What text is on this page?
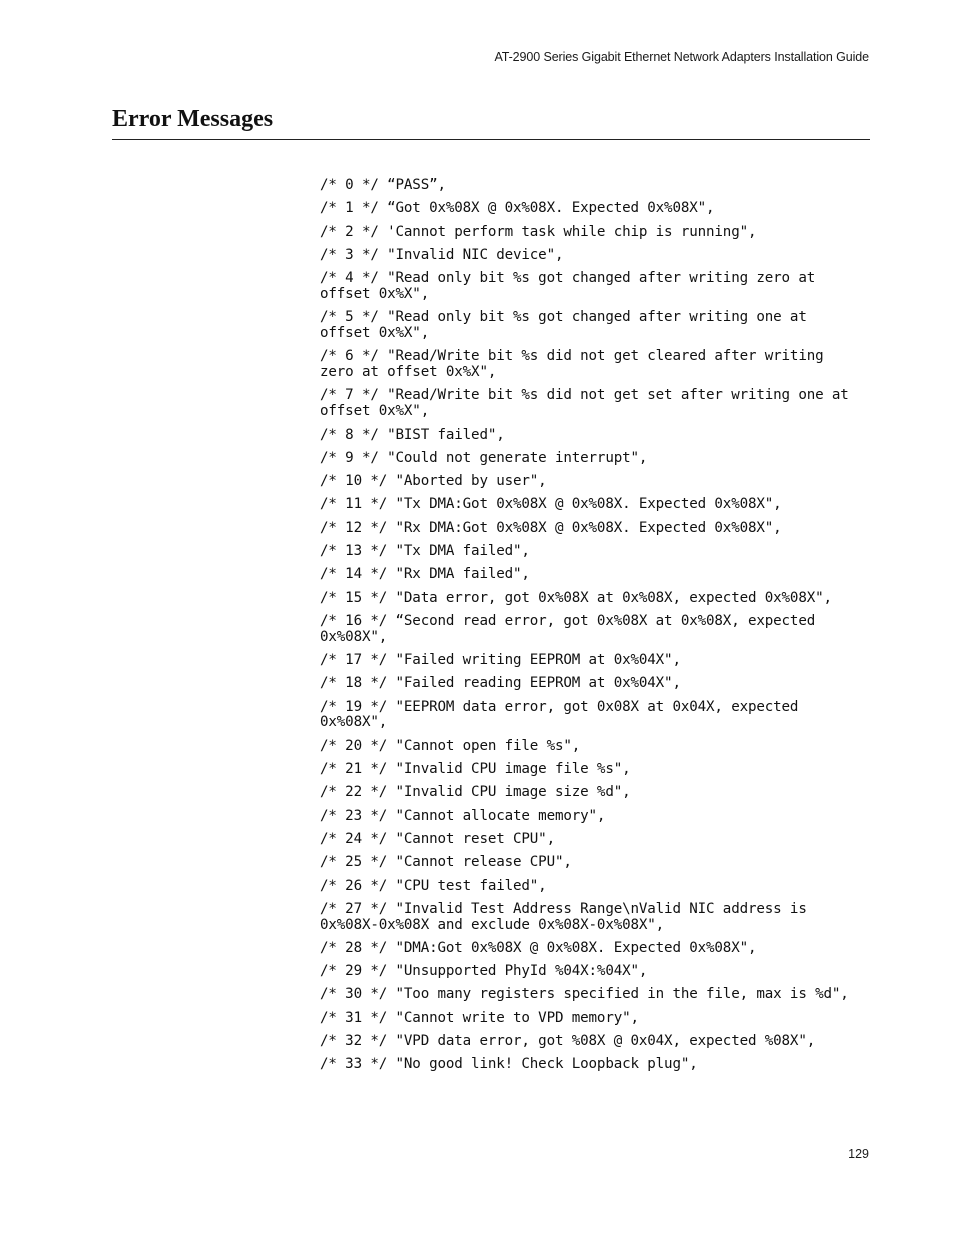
AT-2900 Series Gigabit Ethernet Network Adapters Installation Guide
Error Messages
/* 0 */ “PASS”,
/* 1 */ “Got 0x%08X @ 0x%08X. Expected 0x%08X",
/* 2 */ 'Cannot perform task while chip is running",
/* 3 */ "Invalid NIC device",
/* 4 */ "Read only bit %s got changed after writing zero at offset 0x%X",
/* 5 */ "Read only bit %s got changed after writing one at offset 0x%X",
/* 6 */ "Read/Write bit %s did not get cleared after writing zero at offset 0x%X",
/* 7 */ "Read/Write bit %s did not get set after writing one at offset 0x%X",
/* 8 */ "BIST failed",
/* 9 */ "Could not generate interrupt",
/* 10 */ "Aborted by user",
/* 11 */ "Tx DMA:Got 0x%08X @ 0x%08X. Expected 0x%08X",
/* 12 */ "Rx DMA:Got 0x%08X @ 0x%08X. Expected 0x%08X",
/* 13 */ "Tx DMA failed",
/* 14 */ "Rx DMA failed",
/* 15 */ "Data error, got 0x%08X at 0x%08X, expected 0x%08X",
/* 16 */ “Second read error, got 0x%08X at 0x%08X, expected 0x%08X",
/* 17 */ "Failed writing EEPROM at 0x%04X",
/* 18 */ "Failed reading EEPROM at 0x%04X",
/* 19 */ "EEPROM data error, got 0x08X at 0x04X, expected 0x%08X",
/* 20 */ "Cannot open file %s",
/* 21 */ "Invalid CPU image file %s",
/* 22 */ "Invalid CPU image size %d",
/* 23 */ "Cannot allocate memory",
/* 24 */ "Cannot reset CPU",
/* 25 */ "Cannot release CPU",
/* 26 */ "CPU test failed",
/* 27 */ "Invalid Test Address Range\nValid NIC address is 0x%08X-0x%08X and exclude 0x%08X-0x%08X",
/* 28 */ "DMA:Got 0x%08X @ 0x%08X. Expected 0x%08X",
/* 29 */ "Unsupported PhyId %04X:%04X",
/* 30 */ "Too many registers specified in the file, max is %d",
/* 31 */ "Cannot write to VPD memory",
/* 32 */ "VPD data error, got %08X @ 0x04X, expected %08X",
/* 33 */ "No good link! Check Loopback plug",
129
